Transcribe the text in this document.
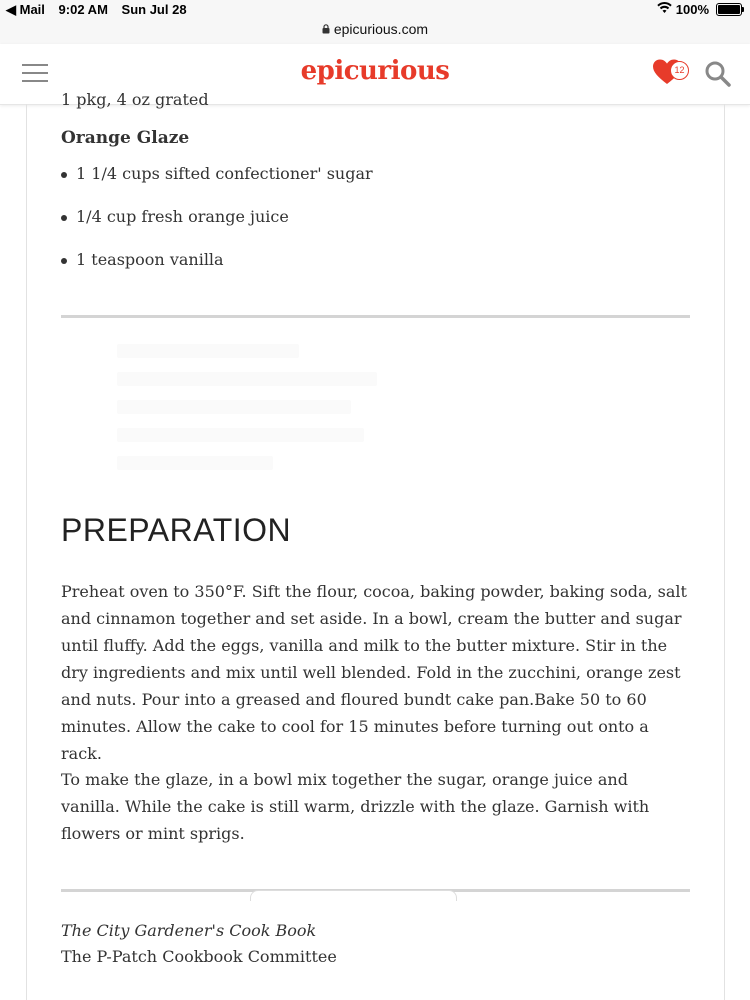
◀ Mail 9:02 AM Sun Jul 28	100%
epicurious.com
epicurious	12
1 pkg, 4 oz grated
Orange Glaze
1 1/4 cups sifted confectioner' sugar
1/4 cup fresh orange juice
1 teaspoon vanilla
PREPARATION

Preheat oven to 350°F. Sift the flour, cocoa, baking powder, baking soda, salt and cinnamon together and set aside. In a bowl, cream the butter and sugar until fluffy. Add the eggs, vanilla and milk to the butter mixture. Stir in the dry ingredients and mix until well blended. Fold in the zucchini, orange zest and nuts. Pour into a greased and floured bundt cake pan.Bake 50 to 60 minutes. Allow the cake to cool for 15 minutes before turning out onto a rack.

To make the glaze, in a bowl mix together the sugar, orange juice and vanilla. While the cake is still warm, drizzle with the glaze. Garnish with flowers or mint sprigs.

The City Gardener's Cook Book
The P-Patch Cookbook Committee
